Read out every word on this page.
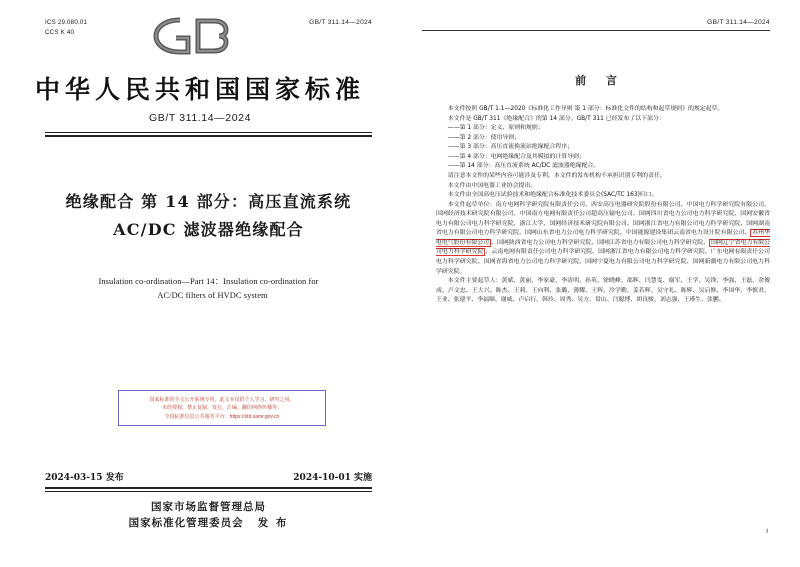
ICS 29.080.01
CCS K 40
GB/T 311.14—2024
中华人民共和国国家标准
GB/T 311.14—2024
绝缘配合 第 14 部分：高压直流系统
AC/DC 滤波器绝缘配合
Insulation co-ordination—Part 14：Insulation co-ordination for
AC/DC filters of HVDC system
国家标准的全文公开系统专用，此文本仅供个人学习、研究之用。
未经授权，禁止复制、发行、汇编、翻印网络传播等；
全国标准信息公共服务平台：https://std.samr.gov.cn
2024-03-15 发布	2024-10-01 实施
国家市场监督管理总局
国家标准化管理委员会 发 布
GB/T 311.14—2024
前 言

本文件按照 GB/T 1.1—2020《标准化工作导则 第 1 部分：标准化文件的结构和起草规则》的规定起草。

本文件是 GB/T 311《绝缘配合》的第 14 部分。GB/T 311 已经发布了以下部分：

——第 1 部分：定义、原则和规则；

——第 2 部分：使用导则；

——第 3 部分：高压直流换流站绝缘配合程序；

——第 4 部分：电网绝缘配合及其模拟的计算导则；

——第 14 部分：高压直流系统 AC/DC 滤波器绝缘配合。

请注意本文件的某些内容可能涉及专利。本文件的发布机构不承担识别专利的责任。

本文件由中国电器工业协会提出。

本文件由全国高电压试验技术和绝缘配合标准化技术委员会(SAC/TC 163)归口。

本文件起草单位：南方电网科学研究院有限责任公司、西安高压电器研究院股份有限公司、中国电力科学研究院有限公司、国网经济技术研究院有限公司、中国南方电网有限责任公司超高压输电公司、国网四川省电力公司电力科学研究院、国网安徽省电力有限公司电力科学研究院、浙江大学、国网经济技术研究院有限公司、国网浙江省电力有限公司电力科学研究院、国网湖南省电力有限公司电力科学研究院、国网山东省电力公司电力科学研究院、中国能源建设集团云南省电力设计院有限公司、 苏州华电电气股份有限公司 、国网陕西省电力公司电力科学研究院、国网江苏省电力有限公司电力科学研究院、 国网辽宁省电力有限公司电力科学研究院 、云南电网有限责任公司电力科学研究院、国网浙江省电力有限公司电力科学研究院、广东电网有限责任公司电力科学研究院、国网青海省电力公司电力科学研究院、国网宁夏电力有限公司电力科学研究院、国网新疆电力有限公司电力科学研究院。

本文件主要起草人：黄斌、黄丽、李家豪、李清明、孙英、徐晓峰、邵辉、闫慧雯、谢军、王学、吴锋、李强、王磊、余俊成、卢文忠、王大兴、陈杰、王莉、王向利、张璐、薄耀、王辉、冷学勤、姜若辉、吴守礼、陈辉、吴启修、李国华、李慎君、王业、张建平、李福顺、谢威、卢启行、韩玲、周秀、吴方、常山、闫聪博、胡良骏、刘志强、王瑾生、张鹏。

Ⅰ
